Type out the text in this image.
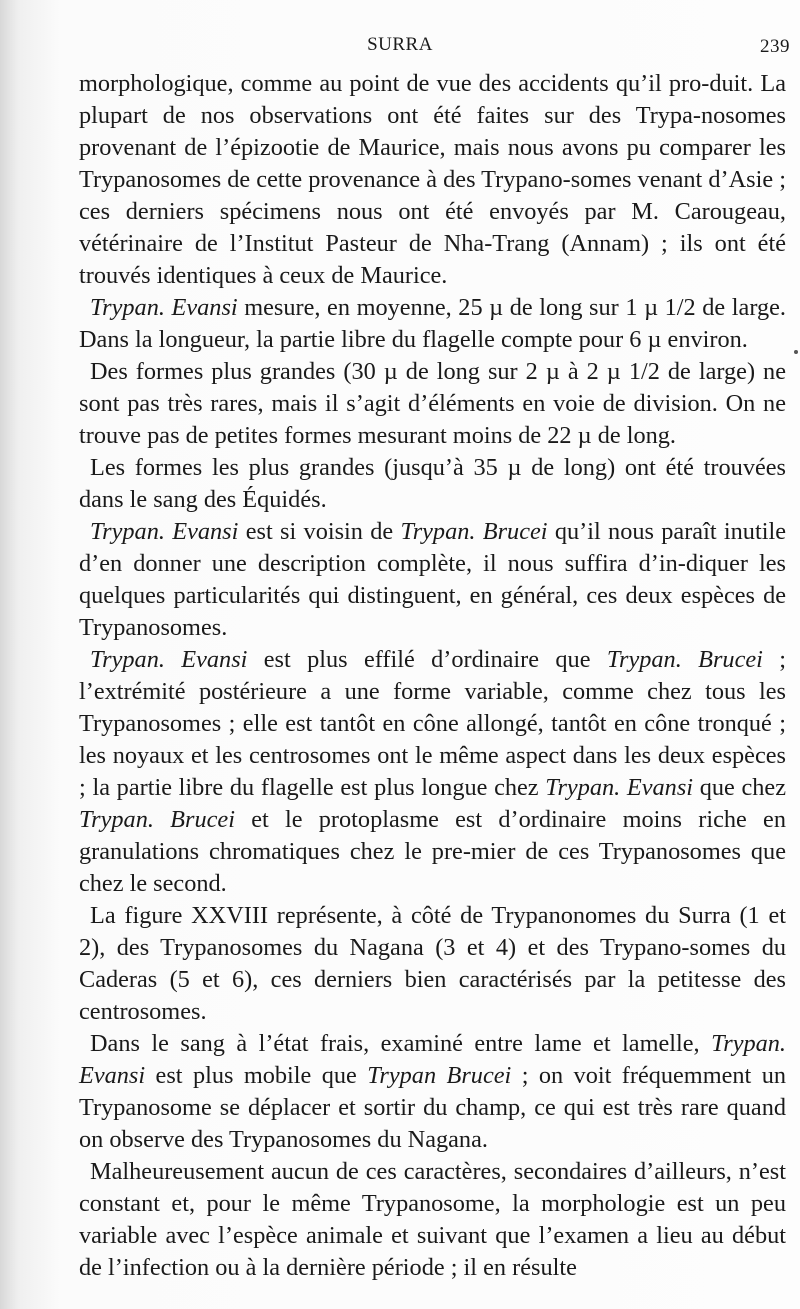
SURRA	239

morphologique, comme au point de vue des accidents qu’il pro-duit. La plupart de nos observations ont été faites sur des Trypa-nosomes provenant de l’épizootie de Maurice, mais nous avons pu comparer les Trypanosomes de cette provenance à des Trypano-somes venant d’Asie ; ces derniers spécimens nous ont été envoyés par M. Carougeau, vétérinaire de l’Institut Pasteur de Nha-Trang (Annam) ; ils ont été trouvés identiques à ceux de Maurice.

Trypan. Evansi mesure, en moyenne, 25 µ de long sur 1 µ 1/2 de large. Dans la longueur, la partie libre du flagelle compte pour 6 µ environ.

Des formes plus grandes (30 µ de long sur 2 µ à 2 µ 1/2 de large) ne sont pas très rares, mais il s’agit d’éléments en voie de division. On ne trouve pas de petites formes mesurant moins de 22 µ de long.

Les formes les plus grandes (jusqu’à 35 µ de long) ont été trouvées dans le sang des Équidés.

Trypan. Evansi est si voisin de Trypan. Brucei qu’il nous paraît inutile d’en donner une description complète, il nous suffira d’in-diquer les quelques particularités qui distinguent, en général, ces deux espèces de Trypanosomes.

Trypan. Evansi est plus effilé d’ordinaire que Trypan. Brucei ; l’extrémité postérieure a une forme variable, comme chez tous les Trypanosomes ; elle est tantôt en cône allongé, tantôt en cône tronqué ; les noyaux et les centrosomes ont le même aspect dans les deux espèces ; la partie libre du flagelle est plus longue chez Trypan. Evansi que chez Trypan. Brucei et le protoplasme est d’ordinaire moins riche en granulations chromatiques chez le pre-mier de ces Trypanosomes que chez le second.

La figure XXVIII représente, à côté de Trypanonomes du Surra (1 et 2), des Trypanosomes du Nagana (3 et 4) et des Trypano-somes du Caderas (5 et 6), ces derniers bien caractérisés par la petitesse des centrosomes.

Dans le sang à l’état frais, examiné entre lame et lamelle, Trypan. Evansi est plus mobile que Trypan Brucei ; on voit fréquemment un Trypanosome se déplacer et sortir du champ, ce qui est très rare quand on observe des Trypanosomes du Nagana.

Malheureusement aucun de ces caractères, secondaires d’ailleurs, n’est constant et, pour le même Trypanosome, la morphologie est un peu variable avec l’espèce animale et suivant que l’examen a lieu au début de l’infection ou à la dernière période ; il en résulte
